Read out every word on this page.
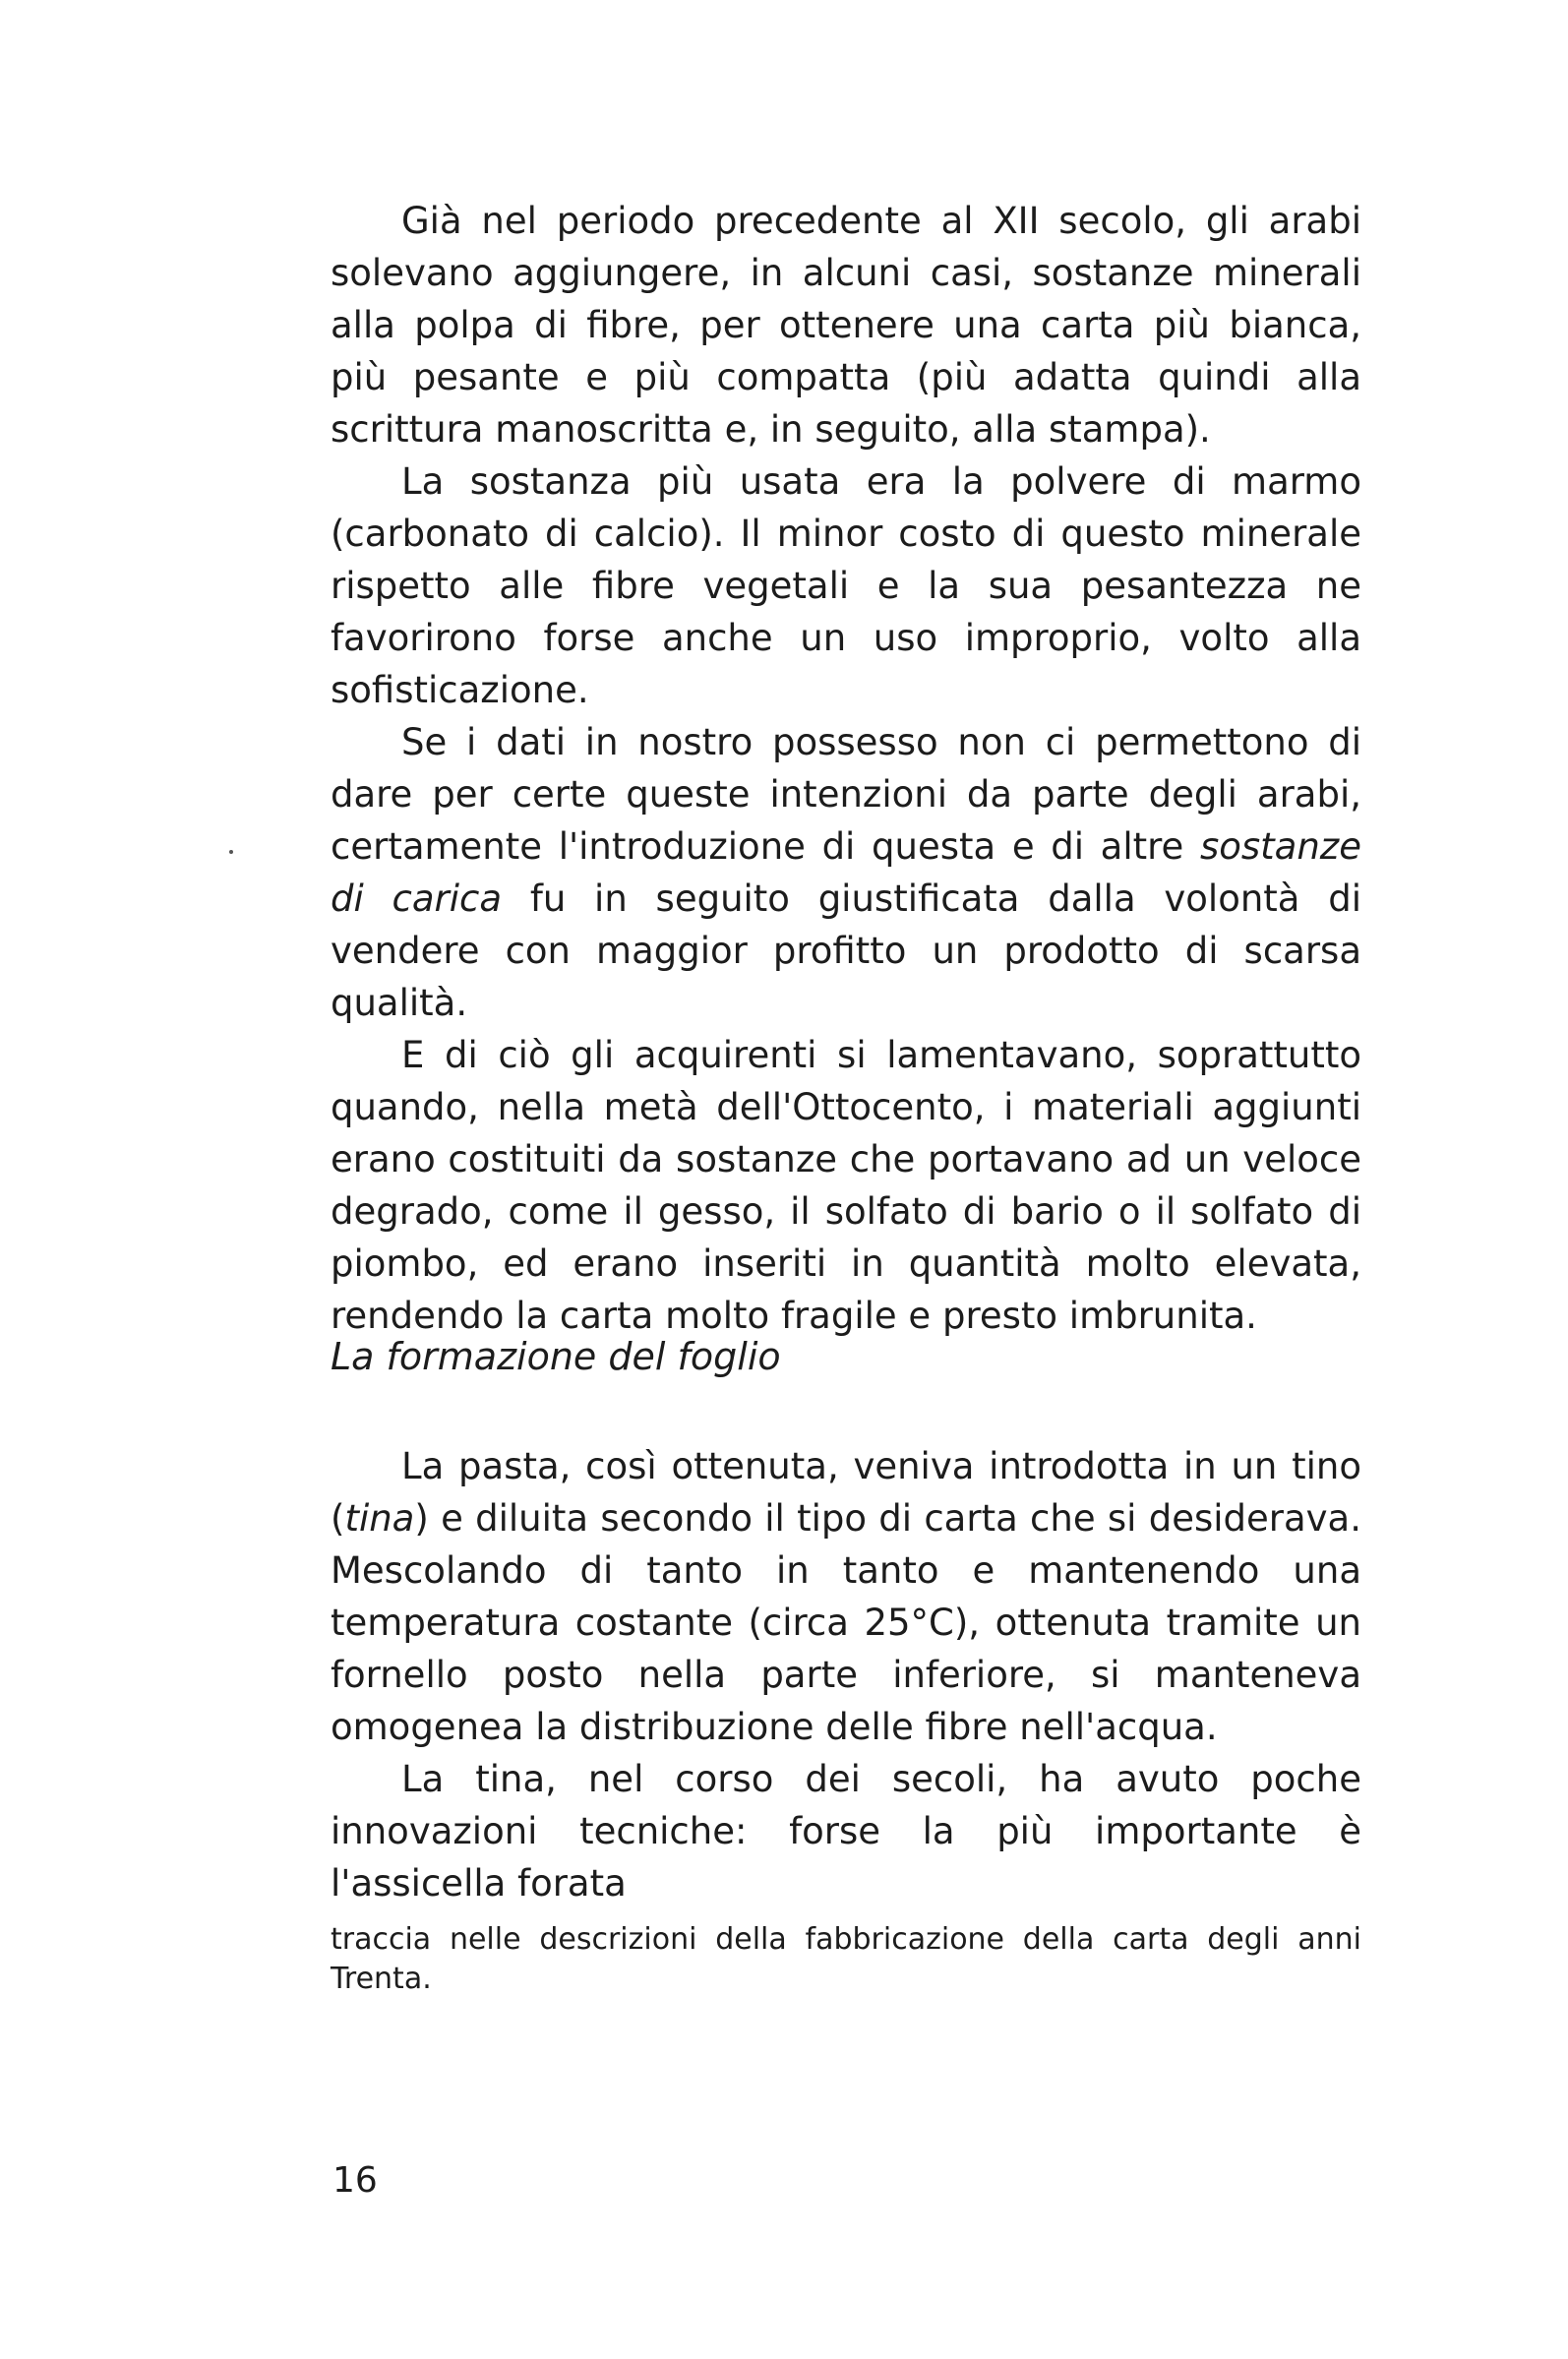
Già nel periodo precedente al XII secolo, gli arabi solevano aggiungere, in alcuni casi, sostanze minerali alla polpa di fibre, per ottenere una carta più bianca, più pesante e più compatta (più adatta quindi alla scrittura manoscritta e, in seguito, alla stampa).

La sostanza più usata era la polvere di marmo (carbonato di calcio). Il minor costo di questo minerale rispetto alle fibre vegetali e la sua pesantezza ne favorirono forse anche un uso improprio, volto alla sofisticazione.

Se i dati in nostro possesso non ci permettono di dare per certe queste intenzioni da parte degli arabi, certamente l'introduzione di questa e di altre sostanze di carica fu in seguito giustificata dalla volontà di vendere con maggior profitto un prodotto di scarsa qualità.

E di ciò gli acquirenti si lamentavano, soprattutto quando, nella metà dell'Ottocento, i materiali aggiunti erano costituiti da sostanze che portavano ad un veloce degrado, come il gesso, il solfato di bario o il solfato di piombo, ed erano inseriti in quantità molto elevata, rendendo la carta molto fragile e presto imbrunita.

La formazione del foglio

La pasta, così ottenuta, veniva introdotta in un tino (tina) e diluita secondo il tipo di carta che si desiderava. Mescolando di tanto in tanto e mantenendo una temperatura costante (circa 25°C), ottenuta tramite un fornello posto nella parte inferiore, si manteneva omogenea la distribuzione delle fibre nell'acqua.

La tina, nel corso dei secoli, ha avuto poche innovazioni tecniche: forse la più importante è l'assicella forata

traccia nelle descrizioni della fabbricazione della carta degli anni Trenta.

16
